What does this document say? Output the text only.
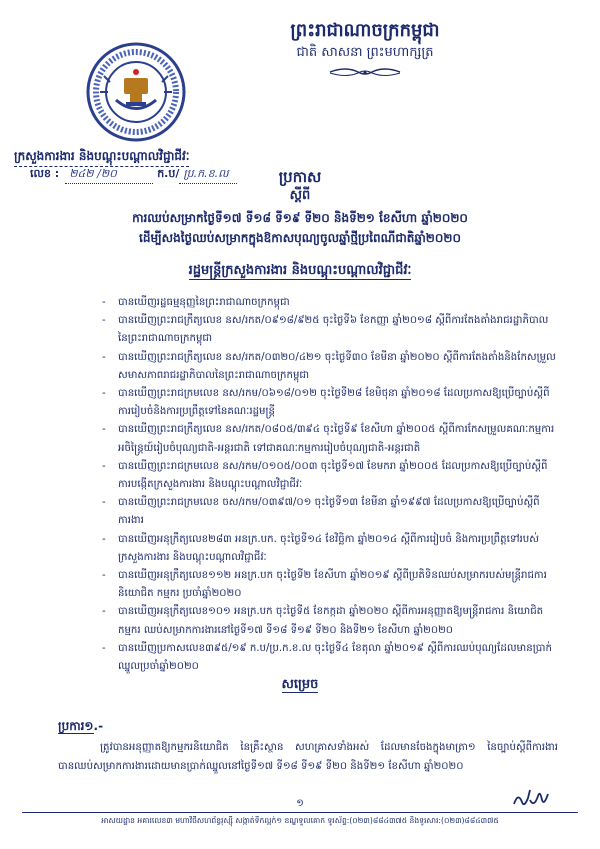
ព្រះរាជាណាចក្រកម្ពុជា
ជាតិ សាសនា ព្រះមហាក្សត្រ
ក្រសួងការងារ និងបណ្តុះបណ្តាលវិជ្ជាជីវៈ
លេខ : ២៤២ /២០	ក.ប/ ប្រ.ក.ខ.ល	ប្រកាស
ស្តីពី
ការឈប់សម្រាកថ្ងៃទី១៧ ទី១៨ ទី១៩ ទី២០ និងទី២១ ខែសីហា ឆ្នាំ២០២០
ដើម្បីសងថ្ងៃឈប់សម្រាកក្នុងឱកាសបុណ្យចូលឆ្នាំថ្មីប្រពៃណីជាតិឆ្នាំ២០២០
រដ្ឋមន្ត្រីក្រសួងការងារ និងបណ្តុះបណ្តាលវិជ្ជាជីវៈ
- បានឃើញរដ្ឋធម្មនុញ្ញនៃព្រះរាជាណាចក្រកម្ពុជា
- បានឃើញព្រះរាជក្រឹត្យលេខ នស/រកត/០៩១៨/៩២៥ ចុះថ្ងៃទី៦ ខែកញ្ញា ឆ្នាំ២០១៨ ស្តីពីការតែងតាំងរាជរដ្ឋាភិបាលនៃព្រះរាជាណាចក្រកម្ពុជា
- បានឃើញព្រះរាជក្រឹត្យលេខ នស/រកត/០៣២០/៤២១ ចុះថ្ងៃទី៣០ ខែមីនា ឆ្នាំ២០២០ ស្តីពីការតែងតាំងនិងកែសម្រួលសមាសភាពរាជរដ្ឋាភិបាលនៃព្រះរាជាណាចក្រកម្ពុជា
- បានឃើញព្រះរាជក្រមលេខ នស/រកម/០៦១៨/០១២ ចុះថ្ងៃទី២៨ ខែមិថុនា ឆ្នាំ២០១៨ ដែលប្រកាសឱ្យប្រើច្បាប់ស្តីពីការរៀបចំនិងការប្រព្រឹត្តទៅនៃគណៈរដ្ឋមន្ត្រី
- បានឃើញព្រះរាជក្រឹត្យលេខ នស/រកត/០៨០៥/៣៩៤ ចុះថ្ងៃទី៩ ខែសីហា ឆ្នាំ២០០៥ ស្តីពីការកែសម្រួលគណៈកម្មការអចិន្ត្រៃយ៍រៀបចំបុណ្យជាតិ-អន្តរជាតិ ទៅជាគណៈកម្មការរៀបចំបុណ្យជាតិ-អន្តរជាតិ
- បានឃើញព្រះរាជក្រមលេខ នស/រកម/០១០៥/០០៣ ចុះថ្ងៃទី១៧ ខែមករា ឆ្នាំ២០០៥ ដែលប្រកាសឱ្យប្រើច្បាប់ស្តីពីការបង្កើតក្រសួងការងារ និងបណ្តុះបណ្តាលវិជ្ជាជីវៈ
- បានឃើញព្រះរាជក្រមលេខ ចស/រកម/០៣៩៧/០១ ចុះថ្ងៃទី១៣ ខែមីនា ឆ្នាំ១៩៩៧ ដែលប្រកាសឱ្យប្រើច្បាប់ស្តីពីការងារ
- បានឃើញអនុក្រឹត្យលេខ២៨៣ អនក្រ.បក. ចុះថ្ងៃទី១៤ ខែវិច្ឆិកា ឆ្នាំ២០១៤ ស្តីពីការរៀបចំ និងការប្រព្រឹត្តទៅរបស់ក្រសួងការងារ និងបណ្តុះបណ្តាលវិជ្ជាជីវៈ
- បានឃើញអនុក្រឹត្យលេខ១១២ អនក្រ.បក ចុះថ្ងៃទី២ ខែសីហា ឆ្នាំ២០១៩ ស្តីពីប្រតិទិនឈប់សម្រាករបស់មន្ត្រីរាជការ និយោជិត កម្មករ ប្រចាំឆ្នាំ២០២០
- បានឃើញអនុក្រឹត្យលេខ១០១ អនក្រ.បក ចុះថ្ងៃទី៥ ខែកក្កដា ឆ្នាំ២០២០ ស្តីពីការអនុញ្ញាតឱ្យមន្ត្រីរាជការ និយោជិត កម្មករ ឈប់សម្រាកការងារនៅថ្ងៃទី១៧ ទី១៨ ទី១៩ ទី២០ និងទី២១ ខែសីហា ឆ្នាំ២០២០
- បានឃើញប្រកាសលេខ៣៩៥/១៩ ក.ប/ប្រ.ក.ខ.ល ចុះថ្ងៃទី៤ ខែតុលា ឆ្នាំ២០១៩ ស្តីពីការឈប់បុណ្យដែលមានប្រាក់ឈ្នួលប្រចាំឆ្នាំ២០២០
សម្រេច
ប្រការ១.-
ត្រូវបានអនុញ្ញាតឱ្យកម្មករនិយោជិត នៃគ្រឹះស្ថាន សហគ្រាសទាំងអស់ ដែលមានចែងក្នុងមាត្រា១ នៃច្បាប់ស្តីពីការងារ បានឈប់សម្រាកការងារដោយមានប្រាក់ឈ្នួលនៅថ្ងៃទី១៧ ទី១៨ ទី១៩ ទី២០ និងទី២១ ខែសីហា ឆ្នាំ២០២០
១
អាសយដ្ឋាន អគារលេខ៣ មហាវិថីសហព័ន្ធរុស្ស៊ី សង្កាត់ទឹកល្អក់១ ខណ្ឌទួលគោក ទូរស័ព្ទ:(០២៣)៨៨៤៣៧៥ និងទូរសារ:(០២៣)៨៨៤៣៧៥
